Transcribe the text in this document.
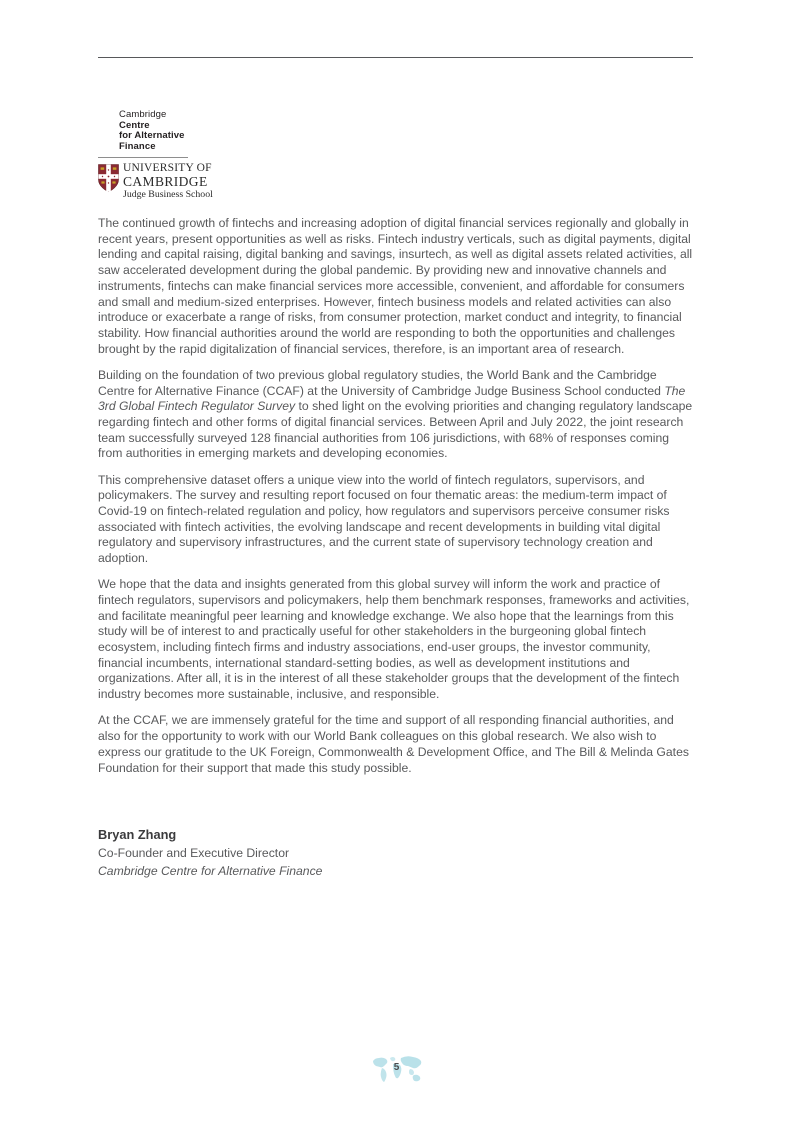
Cambridge
Centre
for Alternative
Finance
UNIVERSITY OF
CAMBRIDGE
Judge Business School

The continued growth of fintechs and increasing adoption of digital financial services regionally and globally in recent years, present opportunities as well as risks. Fintech industry verticals, such as digital payments, digital lending and capital raising, digital banking and savings, insurtech, as well as digital assets related activities, all saw accelerated development during the global pandemic. By providing new and innovative channels and instruments, fintechs can make financial services more accessible, convenient, and affordable for consumers and small and medium-sized enterprises. However, fintech business models and related activities can also introduce or exacerbate a range of risks, from consumer protection, market conduct and integrity, to financial stability. How financial authorities around the world are responding to both the opportunities and challenges brought by the rapid digitalization of financial services, therefore, is an important area of research.

Building on the foundation of two previous global regulatory studies, the World Bank and the Cambridge Centre for Alternative Finance (CCAF) at the University of Cambridge Judge Business School conducted The 3rd Global Fintech Regulator Survey to shed light on the evolving priorities and changing regulatory landscape regarding fintech and other forms of digital financial services. Between April and July 2022, the joint research team successfully surveyed 128 financial authorities from 106 jurisdictions, with 68% of responses coming from authorities in emerging markets and developing economies.

This comprehensive dataset offers a unique view into the world of fintech regulators, supervisors, and policymakers. The survey and resulting report focused on four thematic areas: the medium-term impact of Covid-19 on fintech-related regulation and policy, how regulators and supervisors perceive consumer risks associated with fintech activities, the evolving landscape and recent developments in building vital digital regulatory and supervisory infrastructures, and the current state of supervisory technology creation and adoption.

We hope that the data and insights generated from this global survey will inform the work and practice of fintech regulators, supervisors and policymakers, help them benchmark responses, frameworks and activities, and facilitate meaningful peer learning and knowledge exchange. We also hope that the learnings from this study will be of interest to and practically useful for other stakeholders in the burgeoning global fintech ecosystem, including fintech firms and industry associations, end-user groups, the investor community, financial incumbents, international standard-setting bodies, as well as development institutions and organizations. After all, it is in the interest of all these stakeholder groups that the development of the fintech industry becomes more sustainable, inclusive, and responsible.

At the CCAF, we are immensely grateful for the time and support of all responding financial authorities, and also for the opportunity to work with our World Bank colleagues on this global research. We also wish to express our gratitude to the UK Foreign, Commonwealth & Development Office, and The Bill & Melinda Gates Foundation for their support that made this study possible.

Bryan Zhang
Co-Founder and Executive Director
Cambridge Centre for Alternative Finance
5
